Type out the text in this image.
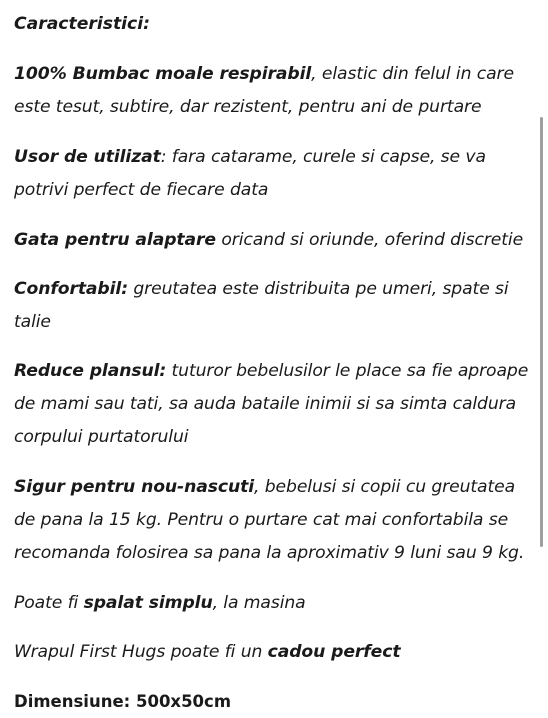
Caracteristici:

100% Bumbac moale respirabil, elastic din felul in care este tesut, subtire, dar rezistent, pentru ani de purtare

Usor de utilizat: fara catarame, curele si capse, se va potrivi perfect de fiecare data

Gata pentru alaptare oricand si oriunde, oferind discretie

Confortabil: greutatea este distribuita pe umeri, spate si talie

Reduce plansul: tuturor bebelusilor le place sa fie aproape de mami sau tati, sa auda bataile inimii si sa simta caldura corpului purtatorului

Sigur pentru nou-nascuti, bebelusi si copii cu greutatea de pana la 15 kg. Pentru o purtare cat mai confortabila se recomanda folosirea sa pana la aproximativ 9 luni sau 9 kg.

Poate fi spalat simplu, la masina

Wrapul First Hugs poate fi un cadou perfect

Dimensiune: 500x50cm
